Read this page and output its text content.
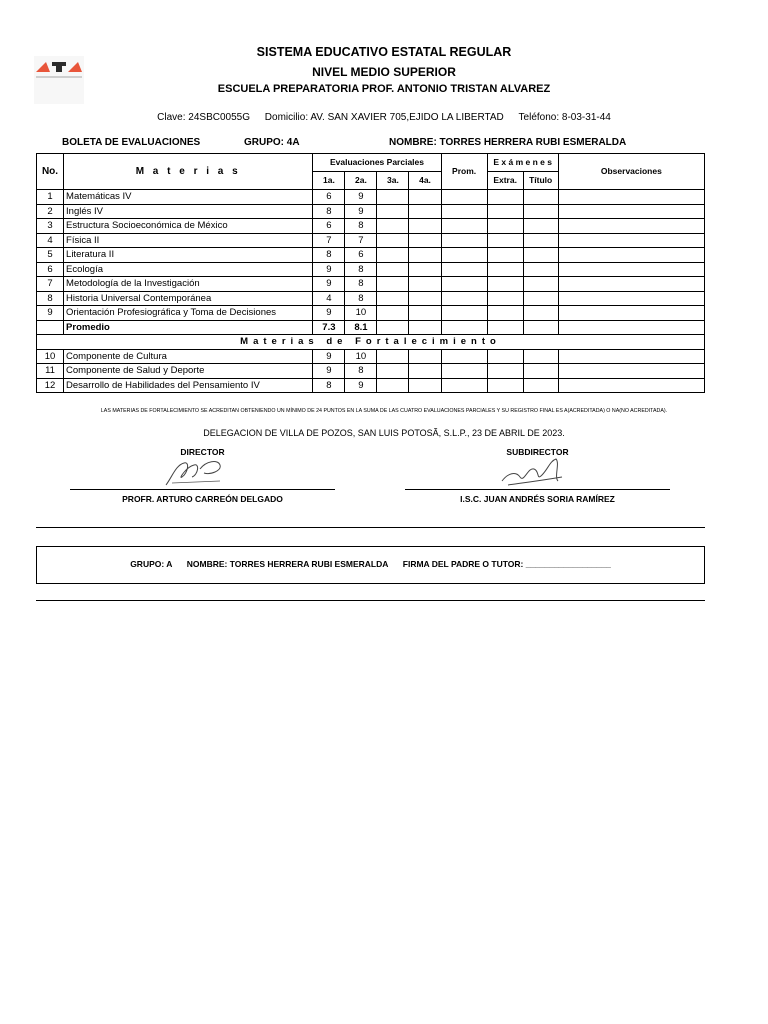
SISTEMA EDUCATIVO ESTATAL REGULAR
NIVEL MEDIO SUPERIOR
ESCUELA PREPARATORIA PROF. ANTONIO TRISTAN ALVAREZ
Clave: 24SBC0055G Domicilio: AV. SAN XAVIER 705,EJIDO LA LIBERTAD Teléfono: 8-03-31-44
BOLETA DE EVALUACIONES	GRUPO: 4A	NOMBRE: TORRES HERRERA RUBI ESMERALDA
No.	M a t e r i a s	Evaluaciones Parciales				Prom.	E x á m e n e s		Observaciones
		1a.	2a.	3a.	4a.		Extra.	Título	
1	Matemáticas IV	6	9						
2	Inglés IV	8	9						
3	Estructura Socioeconómica de México	6	8						
4	Física II	7	7						
5	Literatura II	8	6						
6	Ecología	9	8						
7	Metodología de la Investigación	9	8						
8	Historia Universal Contemporánea	4	8						
9	Orientación Profesiográfica y Toma de Decisiones	9	10						
	Promedio	7.3	8.1						
Materias de Fortalecimiento									
10	Componente de Cultura	9	10						
11	Componente de Salud y Deporte	9	8						
12	Desarrollo de Habilidades del Pensamiento IV	8	9						
LAS MATERIAS DE FORTALECIMIENTO SE ACREDITAN OBTENIENDO UN MÍNIMO DE 24 PUNTOS EN LA SUMA DE LAS CUATRO EVALUACIONES PARCIALES Y SU REGISTRO FINAL ES A(ACREDITADA) O NA(NO ACREDITADA).
DELEGACION DE VILLA DE POZOS, SAN LUIS POTOSÃ, S.L.P., 23 DE ABRIL DE 2023.
DIRECTOR	SUBDIRECTOR
PROFR. ARTURO CARREÓN DELGADO	I.S.C. JUAN ANDRÉS SORIA RAMÍREZ
GRUPO: A NOMBRE: TORRES HERRERA RUBI ESMERALDA FIRMA DEL PADRE O TUTOR: __________________
